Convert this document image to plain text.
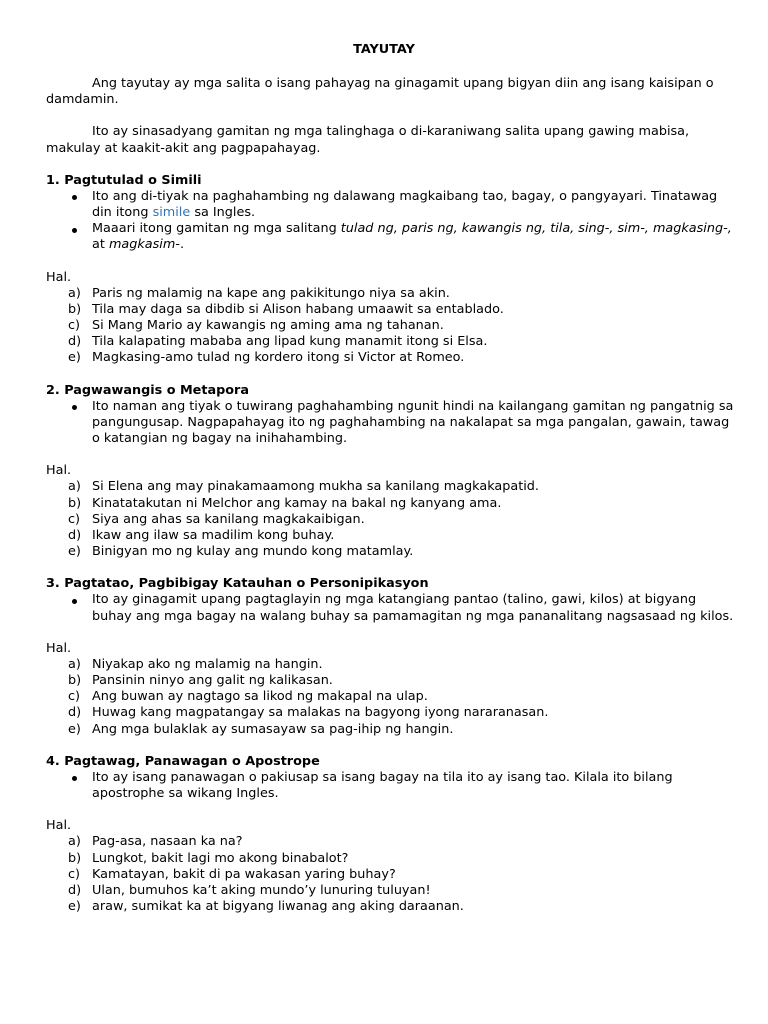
TAYUTAY

Ang tayutay ay mga salita o isang pahayag na ginagamit upang bigyan diin ang isang kaisipan o damdamin.

Ito ay sinasadyang gamitan ng mga talinghaga o di-karaniwang salita upang gawing mabisa, makulay at kaakit-akit ang pagpapahayag.

1. Pagtutulad o Simili
Ito ang di-tiyak na paghahambing ng dalawang magkaibang tao, bagay, o pangyayari. Tinatawag din itong simile sa Ingles.
Maaari itong gamitan ng mga salitang tulad ng, paris ng, kawangis ng, tila, sing-, sim-, magkasing-, at magkasim-.
Hal.
a) Paris ng malamig na kape ang pakikitungo niya sa akin.
b) Tila may daga sa dibdib si Alison habang umaawit sa entablado.
c) Si Mang Mario ay kawangis ng aming ama ng tahanan.
d) Tila kalapating mababa ang lipad kung manamit itong si Elsa.
e) Magkasing-amo tulad ng kordero itong si Victor at Romeo.
2. Pagwawangis o Metapora
Ito naman ang tiyak o tuwirang paghahambing ngunit hindi na kailangang gamitan ng pangatnig sa pangungusap. Nagpapahayag ito ng paghahambing na nakalapat sa mga pangalan, gawain, tawag o katangian ng bagay na inihahambing.
Hal.
a) Si Elena ang may pinakamaamong mukha sa kanilang magkakapatid.
b) Kinatatakutan ni Melchor ang kamay na bakal ng kanyang ama.
c) Siya ang ahas sa kanilang magkakaibigan.
d) Ikaw ang ilaw sa madilim kong buhay.
e) Binigyan mo ng kulay ang mundo kong matamlay.
3. Pagtatao, Pagbibigay Katauhan o Personipikasyon
Ito ay ginagamit upang pagtaglayin ng mga katangiang pantao (talino, gawi, kilos) at bigyang buhay ang mga bagay na walang buhay sa pamamagitan ng mga pananalitang nagsasaad ng kilos.
Hal.
a) Niyakap ako ng malamig na hangin.
b) Pansinin ninyo ang galit ng kalikasan.
c) Ang buwan ay nagtago sa likod ng makapal na ulap.
d) Huwag kang magpatangay sa malakas na bagyong iyong nararanasan.
e) Ang mga bulaklak ay sumasayaw sa pag-ihip ng hangin.
4. Pagtawag, Panawagan o Apostrope
Ito ay isang panawagan o pakiusap sa isang bagay na tila ito ay isang tao. Kilala ito bilang apostrophe sa wikang Ingles.
Hal.
a) Pag-asa, nasaan ka na?
b) Lungkot, bakit lagi mo akong binabalot?
c) Kamatayan, bakit di pa wakasan yaring buhay?
d) Ulan, bumuhos ka’t aking mundo’y lunuring tuluyan!
e) araw, sumikat ka at bigyang liwanag ang aking daraanan.
